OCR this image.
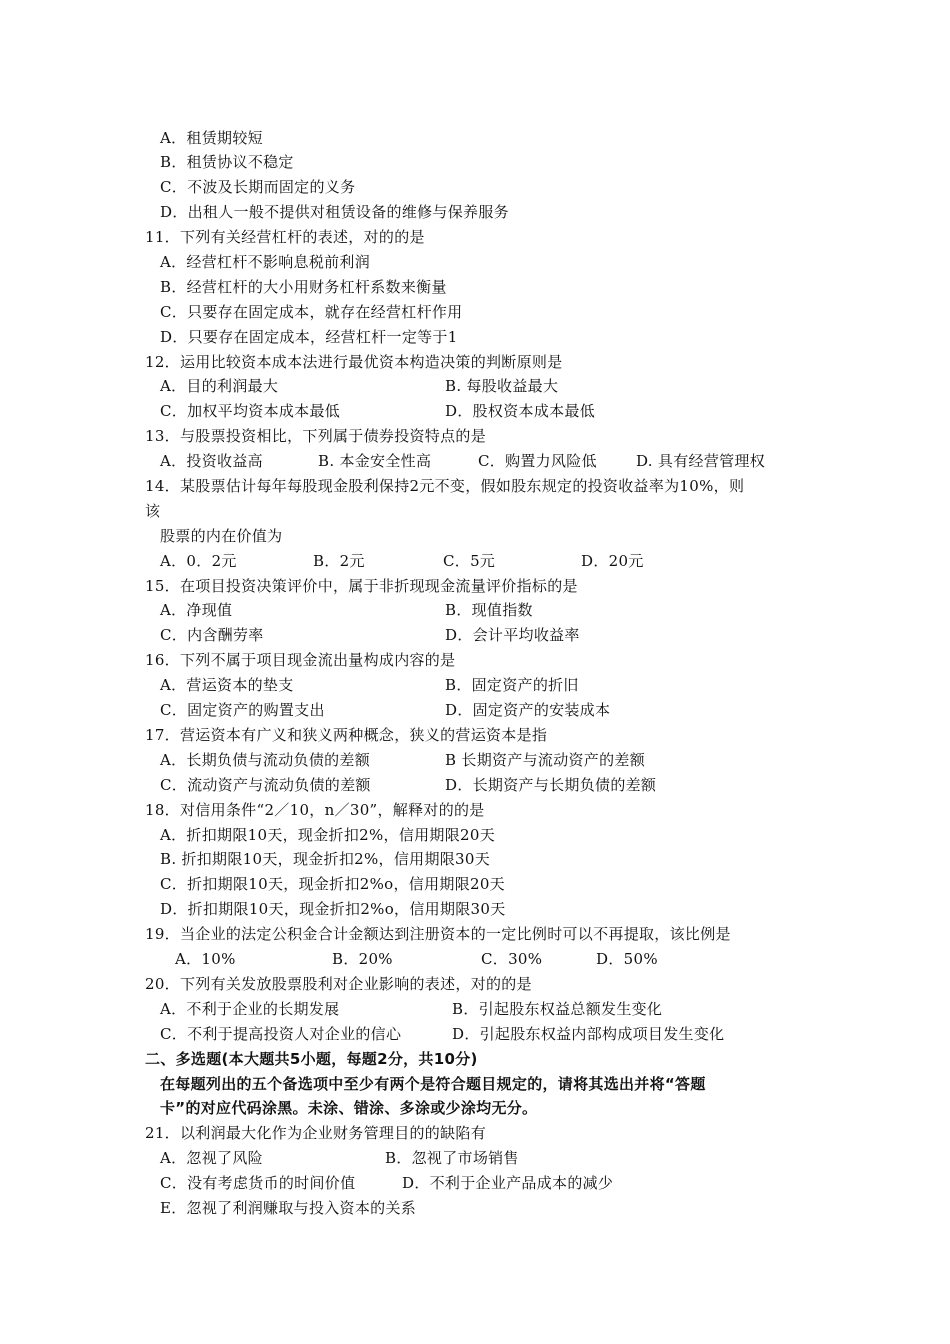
A．租赁期较短
B．租赁协议不稳定
C．不波及长期而固定的义务
D．出租人一般不提供对租赁设备的维修与保养服务
11．下列有关经营杠杆的表述，对的的是
A．经营杠杆不影响息税前利润
B．经营杠杆的大小用财务杠杆系数来衡量
C．只要存在固定成本，就存在经营杠杆作用
D．只要存在固定成本，经营杠杆一定等于1
12．运用比较资本成本法进行最优资本构造决策的判断原则是
A．目的利润最大	B. 每股收益最大
C．加权平均资本成本最低	D．股权资本成本最低
13．与股票投资相比，下列属于债券投资特点的是
A．投资收益高	B. 本金安全性高	C．购置力风险低	D. 具有经营管理权
14．某股票估计每年每股现金股利保持2元不变，假如股东规定的投资收益率为10%，则
该
股票的内在价值为
A．0．2元	B．2元	C．5元	D．20元
15．在项目投资决策评价中，属于非折现现金流量评价指标的是
A．净现值	B．现值指数
C．内含酬劳率	D．会计平均收益率
16．下列不属于项目现金流出量构成内容的是
A．营运资本的垫支	B．固定资产的折旧
C．固定资产的购置支出	D．固定资产的安装成本
17．营运资本有广义和狭义两种概念，狭义的营运资本是指
A．长期负债与流动负债的差额	B 长期资产与流动资产的差额
C．流动资产与流动负债的差额	D．长期资产与长期负债的差额
18．对信用条件“2／10，n／30”，解释对的的是
A．折扣期限10天，现金折扣2%，信用期限20天
B. 折扣期限10天，现金折扣2%，信用期限30天
C．折扣期限10天，现金折扣2%o，信用期限20天
D．折扣期限10天，现金折扣2%o，信用期限30天
19．当企业的法定公积金合计金额达到注册资本的一定比例时可以不再提取，该比例是
A．10%	B．20%	C．30%	D．50%
20．下列有关发放股票股利对企业影响的表述，对的的是
A．不利于企业的长期发展	B．引起股东权益总额发生变化
C．不利于提高投资人对企业的信心	D．引起股东权益内部构成项目发生变化
二、多选题(本大题共5小题，每题2分，共10分)
在每题列出的五个备选项中至少有两个是符合题目规定的，请将其选出并将“答题
卡”的对应代码涂黑。未涂、错涂、多涂或少涂均无分。
21．以利润最大化作为企业财务管理目的的缺陷有
A．忽视了风险	B．忽视了市场销售
C．没有考虑货币的时间价值	D．不利于企业产品成本的减少
E．忽视了利润赚取与投入资本的关系
